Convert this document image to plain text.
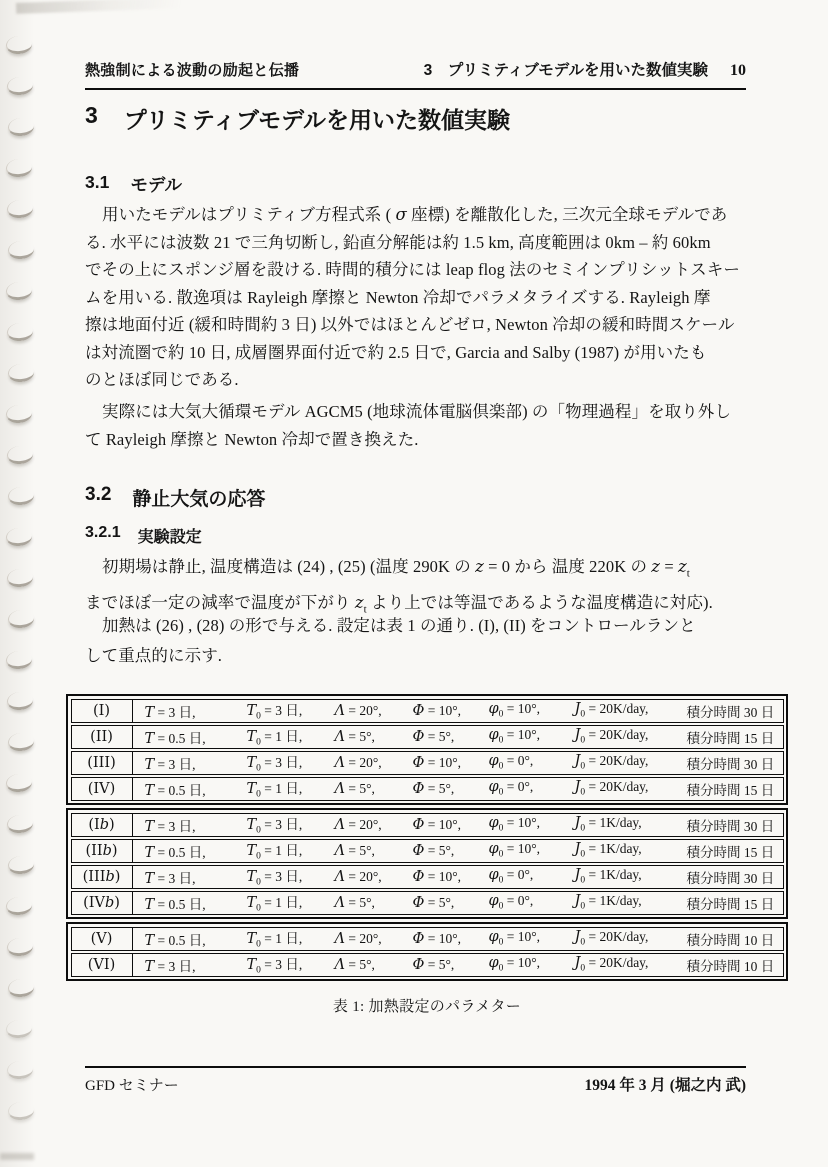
熱強制による波動の励起と伝播	3　プリミティブモデルを用いた数値実験 10
3 プリミティブモデルを用いた数値実験
3.1 モデル
用いたモデルはプリミティブ方程式系 ( σ 座標) を離散化した, 三次元全球モデルであ
る. 水平には波数 21 で三角切断し, 鉛直分解能は約 1.5 km, 高度範囲は 0km – 約 60km
でその上にスポンジ層を設ける. 時間的積分には leap flog 法のセミインプリシットスキー
ムを用いる. 散逸項は Rayleigh 摩擦と Newton 冷却でパラメタライズする. Rayleigh 摩
擦は地面付近 (緩和時間約 3 日) 以外ではほとんどゼロ, Newton 冷却の緩和時間スケール
は対流圏で約 10 日, 成層圏界面付近で約 2.5 日で, Garcia and Salby (1987) が用いたも
のとほぼ同じである.
実際には大気大循環モデル AGCM5 (地球流体電脳倶楽部) の「物理過程」を取り外し
て Rayleigh 摩擦と Newton 冷却で置き換えた.
3.2 静止大気の応答
3.2.1 実験設定
初期場は静止, 温度構造は (24) , (25) (温度 290K の z = 0 から 温度 220K の $z = z_t$
までほぼ一定の減率で温度が下がり $z_t$ より上では等温であるような温度構造に対応).
加熱は (26) , (28) の形で与える. 設定は表 1 の通り. (I), (II) をコントロールランと
して重点的に示す.
(I)	T = 3 日,	$T_0 = 3$ 日,	Λ = 20°,	Φ = 10°,	$\varphi_0 = 10^\circ$,	$J_0 = 20K/day$,	積分時間 30 日
(II)	T = 0.5 日,	$T_0 = 1$ 日,	Λ = 5°,	Φ = 5°,	$\varphi_0 = 10^\circ$,	$J_0 = 20K/day$,	積分時間 15 日
(III)	T = 3 日,	$T_0 = 3$ 日,	Λ = 20°,	Φ = 10°,	$\varphi_0 = 0^\circ$,	$J_0 = 20K/day$,	積分時間 30 日
(IV)	T = 0.5 日,	$T_0 = 1$ 日,	Λ = 5°,	Φ = 5°,	$\varphi_0 = 0^\circ$,	$J_0 = 20K/day$,	積分時間 15 日
(I b )	T = 3 日,	$T_0 = 3$ 日,	Λ = 20°,	Φ = 10°,	$\varphi_0 = 10^\circ$,	$J_0 = 1K/day$,	積分時間 30 日
(II b )	T = 0.5 日,	$T_0 = 1$ 日,	Λ = 5°,	Φ = 5°,	$\varphi_0 = 10^\circ$,	$J_0 = 1K/day$,	積分時間 15 日
(III b )	T = 3 日,	$T_0 = 3$ 日,	Λ = 20°,	Φ = 10°,	$\varphi_0 = 0^\circ$,	$J_0 = 1K/day$,	積分時間 30 日
(IV b )	T = 0.5 日,	$T_0 = 1$ 日,	Λ = 5°,	Φ = 5°,	$\varphi_0 = 0^\circ$,	$J_0 = 1K/day$,	積分時間 15 日
(V)	T = 0.5 日,	$T_0 = 1$ 日,	Λ = 20°,	Φ = 10°,	$\varphi_0 = 10^\circ$,	$J_0 = 20K/day$,	積分時間 10 日
(VI)	T = 3 日,	$T_0 = 3$ 日,	Λ = 5°,	Φ = 5°,	$\varphi_0 = 10^\circ$,	$J_0 = 20K/day$,	積分時間 10 日
表 1: 加熱設定のパラメター
GFD セミナー	1994 年 3 月 (堀之内 武)
